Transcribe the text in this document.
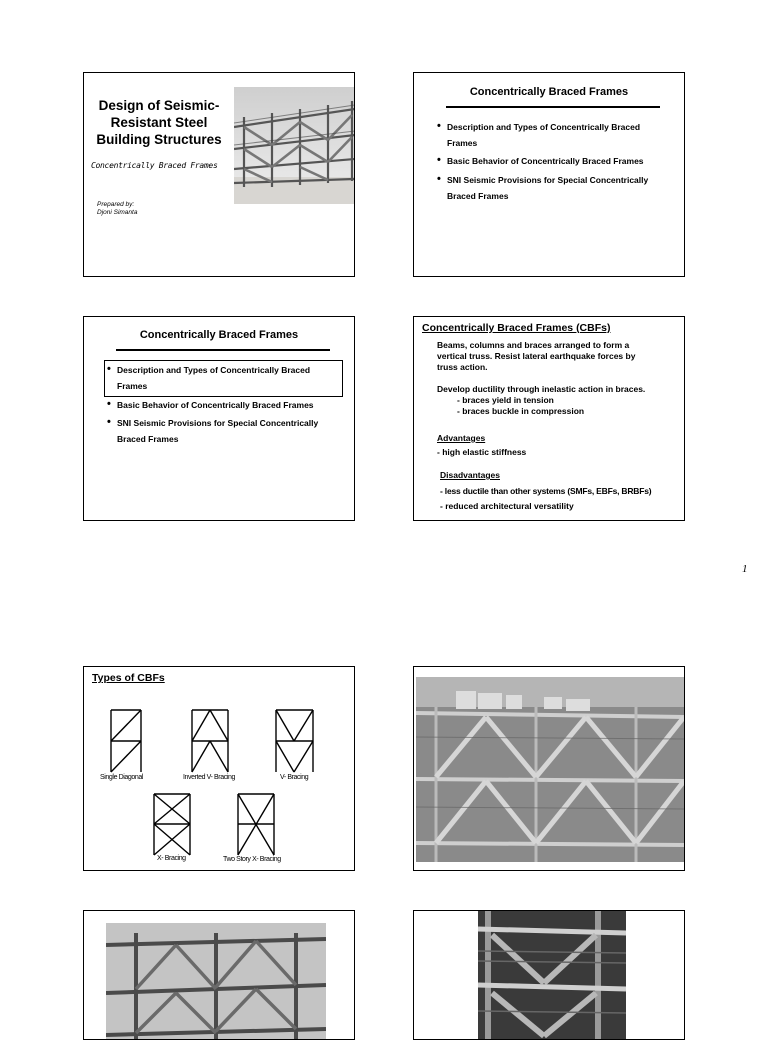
Design of Seismic-
Resistant Steel
Building Structures
Concentrically Braced Frames
Prepared by:
Djoni Simanta
Concentrically Braced Frames
• Description and Types of Concentrically Braced
Frames
• Basic Behavior of Concentrically Braced Frames
• SNI Seismic Provisions for Special Concentrically
Braced Frames
Concentrically Braced Frames
• Description and Types of Concentrically Braced
Frames
• Basic Behavior of Concentrically Braced Frames
• SNI Seismic Provisions for Special Concentrically
Braced Frames
Concentrically Braced Frames (CBFs)
Beams, columns and braces arranged to form a
vertical truss. Resist lateral earthquake forces by
truss action.
Develop ductility through inelastic action in braces.
- braces yield in tension
- braces buckle in compression
Advantages
- high elastic stiffness
Disadvantages
- less ductile than other systems (SMFs, EBFs, BRBFs)
- reduced architectural versatility
1
Types of CBFs
Single Diagonal	Inverted V- Bracing	V- Bracing
X- Bracing	Two Story X- Bracing
